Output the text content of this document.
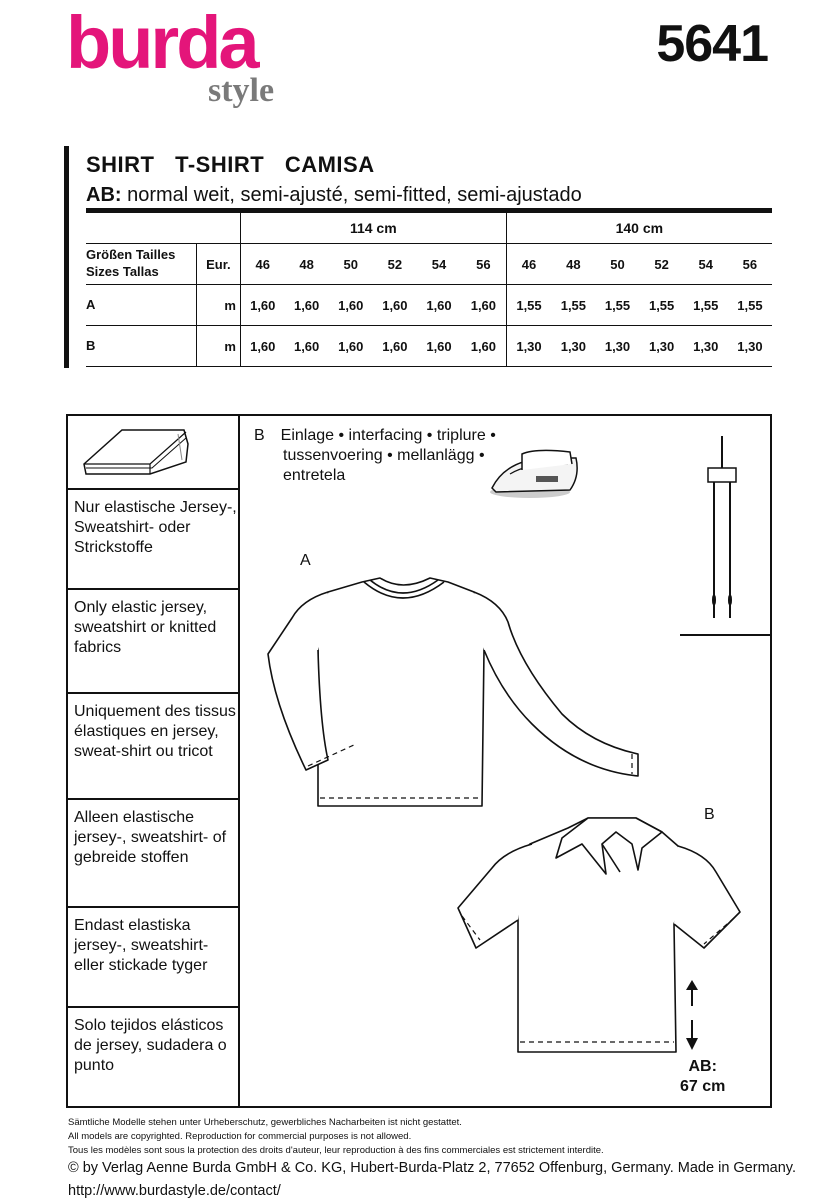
burda
style
5641
SHIRT T-SHIRT CAMISA
AB: normal weit, semi-ajusté, semi-fitted, semi-ajustado
		114 cm						140 cm					

Größen Tailles
Sizes Tallas	Eur.	46	48	50	52	54	56	46	48	50	52	54	56
A	m	1,60	1,60	1,60	1,60	1,60	1,60	1,55	1,55	1,55	1,55	1,55	1,55
B	m	1,60	1,60	1,60	1,60	1,60	1,60	1,30	1,30	1,30	1,30	1,30	1,30
Nur elastische Jersey-, Sweatshirt- oder Strickstoffe
Only elastic jersey, sweatshirt or knitted fabrics
Uniquement des tissus élastiques en jersey, sweat-shirt ou tricot
Alleen elastische jersey-, sweatshirt- of gebreide stoffen
Endast elastiska jersey-, sweatshirt- eller stickade tyger
Solo tejidos elásticos de jersey, sudadera o punto
B Einlage • interfacing • triplure •
tussenvoering • mellanlägg •
entretela
A
B
AB:
67 cm
Sämtliche Modelle stehen unter Urheberschutz, gewerbliches Nacharbeiten ist nicht gestattet.
All models are copyrighted. Reproduction for commercial purposes is not allowed.
Tous les modèles sont sous la protection des droits d'auteur, leur reproduction à des fins commerciales est strictement interdite.
© by Verlag Aenne Burda GmbH & Co. KG, Hubert-Burda-Platz 2, 77652 Offenburg, Germany. Made in Germany.
http://www.burdastyle.de/contact/
